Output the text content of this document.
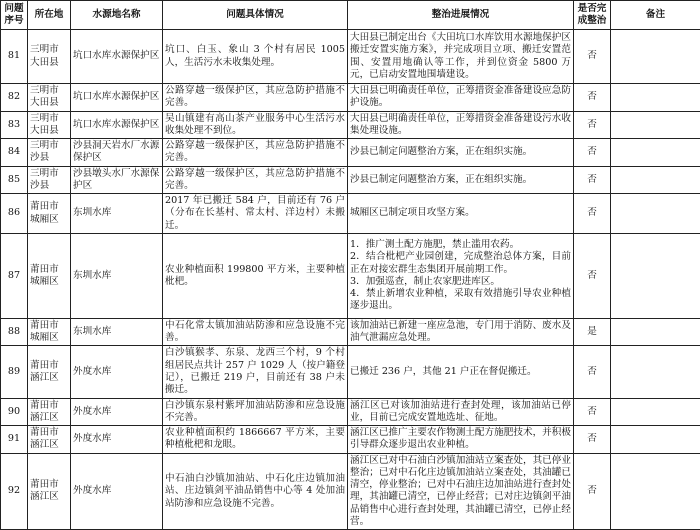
问题序号	所在地	水源地名称	问题具体情况	整治进展情况	是否完成整治	备注
81	三明市大田县	坑口水库水源保护区	坑口、白玉、象山 3 个村有居民 1005 人，生活污水未收集处理。	大田县已制定出台《大田坑口水库饮用水源地保护区搬迁安置实施方案》，并完成项目立项、搬迁安置范围、安置用地确认等工作，并到位资金 5800 万元，已启动安置地围墙建设。	否	
82	三明市大田县	坑口水库水源保护区	公路穿越一级保护区，其应急防护措施不完善。	大田县已明确责任单位，正筹措资金准备建设应急防护设施。	否	
83	三明市大田县	坑口水库水源保护区	吴山镇建有高山茶产业服务中心生活污水收集处理不到位。	大田县已明确责任单位，正筹措资金准备建设污水收集处理设施。	否	
84	三明市沙县	沙县洞天岩水厂水源保护区	公路穿越一级保护区，其应急防护措施不完善。	沙县已制定问题整治方案，正在组织实施。	否	
85	三明市沙县	沙县墩头水厂水源保护区	公路穿越一级保护区，其应急防护措施不完善。	沙县已制定问题整治方案，正在组织实施。	否	
86	莆田市城厢区	东圳水库	2017 年已搬迁 584 户，目前还有 76 户（分布在长基村、常太村、洋边村）未搬迁。	城厢区已制定项目攻坚方案。	否	
87	莆田市城厢区	东圳水库	农业种植面积 199800 平方米，主要种植枇杷。	1．推广测土配方施肥，禁止滥用农药。
2．结合枇杷产业园创建，完成整治总体方案，目前正在对接宏群生态集团开展前期工作。
3．加强巡查，制止农家肥进库区。
4．禁止新增农业种植，采取有效措施引导农业种植逐步退出。	否	
88	莆田市城厢区	东圳水库	中石化常太镇加油站防渗和应急设施不完善。	该加油站已新建一座应急池，专门用于消防、废水及油气泄漏应急处理。	是	
89	莆田市涵江区	外度水库	白沙镇猴孝、东泉、龙西三个村，9 个村组居民点共计 257 户 1029 人（按户籍登记），已搬迁 219 户，目前还有 38 户未搬迁。	已搬迁 236 户，其他 21 户正在督促搬迁。	否	
90	莆田市涵江区	外度水库	白沙镇东泉村紫坪加油站防渗和应急设施不完善。	涵江区已对该加油站进行查封处理，该加油站已停业，目前已完成安置地选址、征地。	否	
91	莆田市涵江区	外度水库	农业种植面积约 1866667 平方米，主要种植枇杷和龙眼。	涵江区已推广主要农作物测土配方施肥技术，并积极引导群众逐步退出农业种植。	否	
92	莆田市涵江区	外度水库	中石油白沙镇加油站、中石化庄边镇加油站、庄边镇剑平油品销售中心等 4 处加油站防渗和应急设施不完善。	涵江区已对中石油白沙镇加油站立案查处，其已停业整治；已对中石化庄边镇加油站立案查处，其油罐已清空，停业整治；已对中石油庄边加油站进行查封处理，其油罐已清空，已停止经营；已对庄边镇剑平油品销售中心进行查封处理，其油罐已清空，已停止经营。	否	
